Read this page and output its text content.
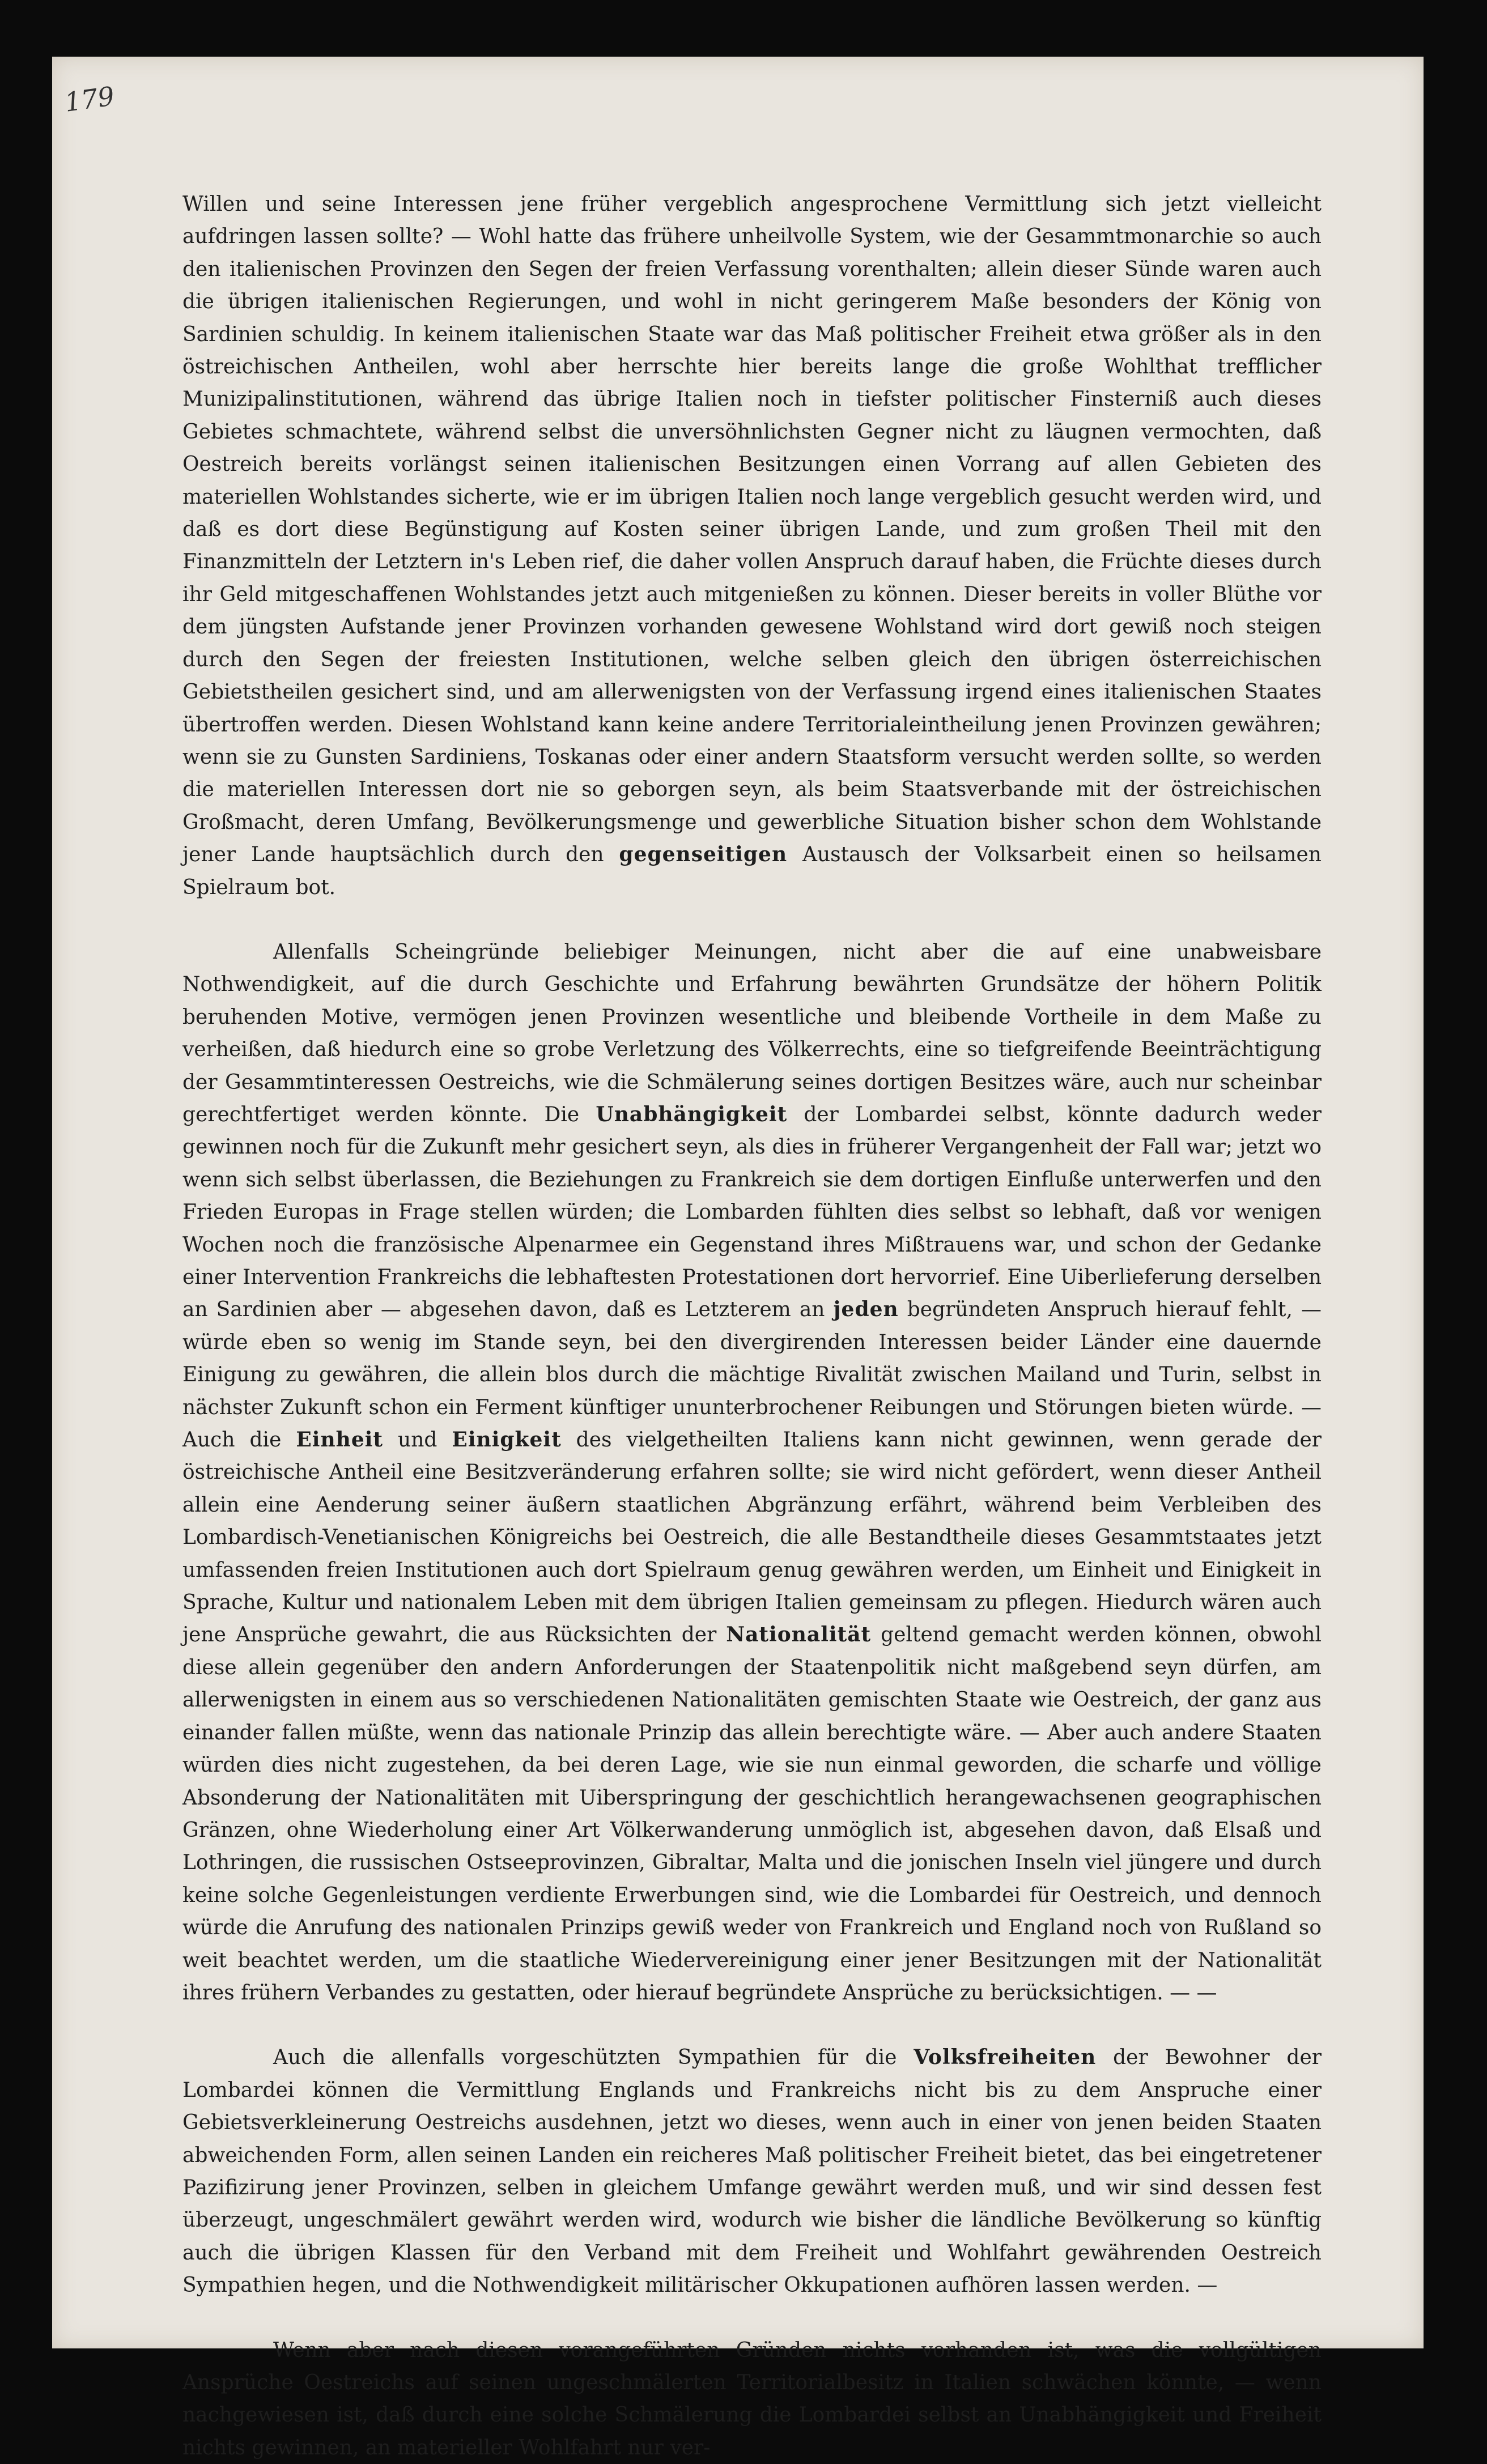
179

Willen und seine Interessen jene früher vergeblich angesprochene Vermittlung sich jetzt vielleicht aufdringen lassen sollte? — Wohl hatte das frühere unheilvolle System, wie der Gesammtmonarchie so auch den italienischen Provinzen den Segen der freien Verfassung vorenthalten; allein dieser Sünde waren auch die übrigen italienischen Regierungen, und wohl in nicht geringerem Maße besonders der König von Sardinien schuldig. In keinem italienischen Staate war das Maß politischer Freiheit etwa größer als in den östreichischen Antheilen, wohl aber herrschte hier bereits lange die große Wohlthat trefflicher Munizipalinstitutionen, während das übrige Italien noch in tiefster politischer Finsterniß auch dieses Gebietes schmachtete, während selbst die unversöhnlichsten Gegner nicht zu läugnen vermochten, daß Oestreich bereits vorlängst seinen italienischen Besitzungen einen Vorrang auf allen Gebieten des materiellen Wohlstandes sicherte, wie er im übrigen Italien noch lange vergeblich gesucht werden wird, und daß es dort diese Begünstigung auf Kosten seiner übrigen Lande, und zum großen Theil mit den Finanzmitteln der Letztern in's Leben rief, die daher vollen Anspruch darauf haben, die Früchte dieses durch ihr Geld mitgeschaffenen Wohlstandes jetzt auch mitgenießen zu können. Dieser bereits in voller Blüthe vor dem jüngsten Aufstande jener Provinzen vorhanden gewesene Wohlstand wird dort gewiß noch steigen durch den Segen der freiesten Institutionen, welche selben gleich den übrigen österreichischen Gebietstheilen gesichert sind, und am allerwenigsten von der Verfassung irgend eines italienischen Staates übertroffen werden. Diesen Wohlstand kann keine andere Territorialeintheilung jenen Provinzen gewähren; wenn sie zu Gunsten Sardiniens, Toskanas oder einer andern Staatsform versucht werden sollte, so werden die materiellen Interessen dort nie so geborgen seyn, als beim Staatsverbande mit der östreichischen Großmacht, deren Umfang, Bevölkerungsmenge und gewerbliche Situation bisher schon dem Wohlstande jener Lande hauptsächlich durch den gegenseitigen Austausch der Volksarbeit einen so heilsamen Spielraum bot.

Allenfalls Scheingründe beliebiger Meinungen, nicht aber die auf eine unabweisbare Nothwendigkeit, auf die durch Geschichte und Erfahrung bewährten Grundsätze der höhern Politik beruhenden Motive, vermögen jenen Provinzen wesentliche und bleibende Vortheile in dem Maße zu verheißen, daß hiedurch eine so grobe Verletzung des Völkerrechts, eine so tiefgreifende Beeinträchtigung der Gesammtinteressen Oestreichs, wie die Schmälerung seines dortigen Besitzes wäre, auch nur scheinbar gerechtfertiget werden könnte. Die Unabhängigkeit der Lombardei selbst, könnte dadurch weder gewinnen noch für die Zukunft mehr gesichert seyn, als dies in früherer Vergangenheit der Fall war; jetzt wo wenn sich selbst überlassen, die Beziehungen zu Frankreich sie dem dortigen Einfluße unterwerfen und den Frieden Europas in Frage stellen würden; die Lombarden fühlten dies selbst so lebhaft, daß vor wenigen Wochen noch die französische Alpenarmee ein Gegenstand ihres Mißtrauens war, und schon der Gedanke einer Intervention Frankreichs die lebhaftesten Protestationen dort hervorrief. Eine Uiberlieferung derselben an Sardinien aber — abgesehen davon, daß es Letzterem an jeden begründeten Anspruch hierauf fehlt, — würde eben so wenig im Stande seyn, bei den divergirenden Interessen beider Länder eine dauernde Einigung zu gewähren, die allein blos durch die mächtige Rivalität zwischen Mailand und Turin, selbst in nächster Zukunft schon ein Ferment künftiger ununterbrochener Reibungen und Störungen bieten würde. — Auch die Einheit und Einigkeit des vielgetheilten Italiens kann nicht gewinnen, wenn gerade der östreichische Antheil eine Besitzveränderung erfahren sollte; sie wird nicht gefördert, wenn dieser Antheil allein eine Aenderung seiner äußern staatlichen Abgränzung erfährt, während beim Verbleiben des Lombardisch-Venetianischen Königreichs bei Oestreich, die alle Bestandtheile dieses Gesammtstaates jetzt umfassenden freien Institutionen auch dort Spielraum genug gewähren werden, um Einheit und Einigkeit in Sprache, Kultur und nationalem Leben mit dem übrigen Italien gemeinsam zu pflegen. Hiedurch wären auch jene Ansprüche gewahrt, die aus Rücksichten der Nationalität geltend gemacht werden können, obwohl diese allein gegenüber den andern Anforderungen der Staatenpolitik nicht maßgebend seyn dürfen, am allerwenigsten in einem aus so verschiedenen Nationalitäten gemischten Staate wie Oestreich, der ganz aus einander fallen müßte, wenn das nationale Prinzip das allein berechtigte wäre. — Aber auch andere Staaten würden dies nicht zugestehen, da bei deren Lage, wie sie nun einmal geworden, die scharfe und völlige Absonderung der Nationalitäten mit Uiberspringung der geschichtlich herangewachsenen geographischen Gränzen, ohne Wiederholung einer Art Völkerwanderung unmöglich ist, abgesehen davon, daß Elsaß und Lothringen, die russischen Ostseeprovinzen, Gibraltar, Malta und die jonischen Inseln viel jüngere und durch keine solche Gegenleistungen verdiente Erwerbungen sind, wie die Lombardei für Oestreich, und dennoch würde die Anrufung des nationalen Prinzips gewiß weder von Frankreich und England noch von Rußland so weit beachtet werden, um die staatliche Wiedervereinigung einer jener Besitzungen mit der Nationalität ihres frühern Verbandes zu gestatten, oder hierauf begründete Ansprüche zu berücksichtigen. — —

Auch die allenfalls vorgeschützten Sympathien für die Volksfreiheiten der Bewohner der Lombardei können die Vermittlung Englands und Frankreichs nicht bis zu dem Anspruche einer Gebietsverkleinerung Oestreichs ausdehnen, jetzt wo dieses, wenn auch in einer von jenen beiden Staaten abweichenden Form, allen seinen Landen ein reicheres Maß politischer Freiheit bietet, das bei eingetretener Pazifizirung jener Provinzen, selben in gleichem Umfange gewährt werden muß, und wir sind dessen fest überzeugt, ungeschmälert gewährt werden wird, wodurch wie bisher die ländliche Bevölkerung so künftig auch die übrigen Klassen für den Verband mit dem Freiheit und Wohlfahrt gewährenden Oestreich Sympathien hegen, und die Nothwendigkeit militärischer Okkupationen aufhören lassen werden. —

Wenn aber nach diesen vorangeführten Gründen nichts vorhanden ist, was die vollgültigen Ansprüche Oestreichs auf seinen ungeschmälerten Territorialbesitz in Italien schwächen könnte, — wenn nachgewiesen ist, daß durch eine solche Schmälerung die Lombardei selbst an Unabhängigkeit und Freiheit nichts gewinnen, an materieller Wohlfahrt nur ver-
